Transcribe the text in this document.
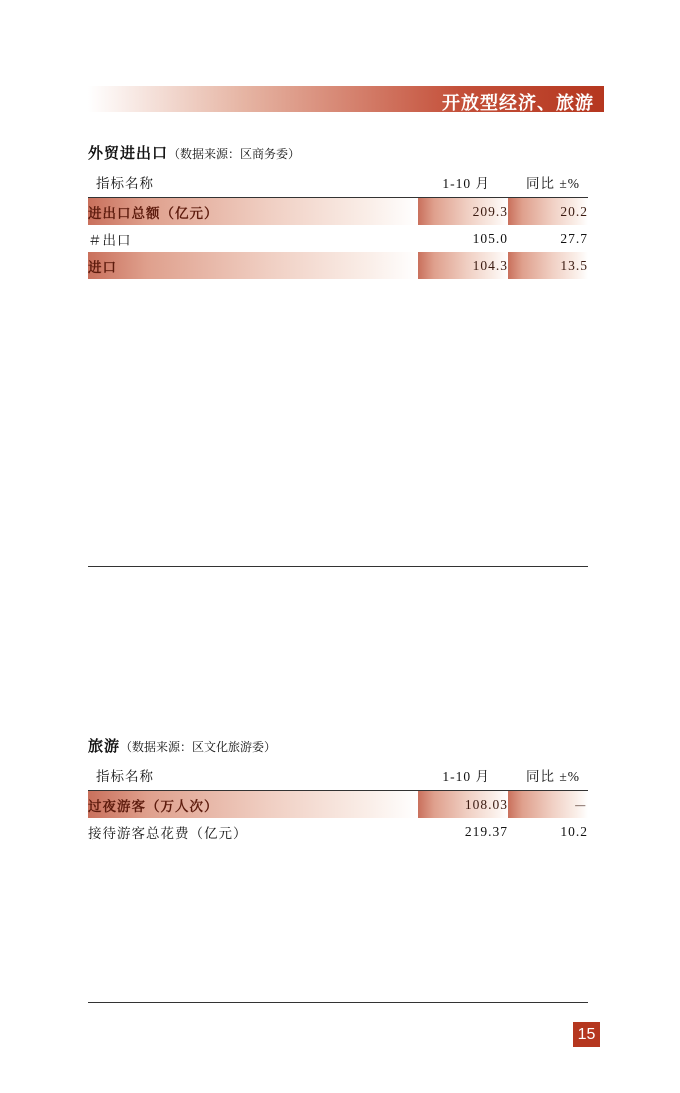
开放型经济、旅游
外贸进出口（数据来源：区商务委）
指标名称	1-10 月	同比 ±%
进出口总额（亿元）	209.3	20.2
＃出口	105.0	27.7
进口	104.3	13.5
旅游（数据来源：区文化旅游委）
指标名称	1-10 月	同比 ±%
过夜游客（万人次）	108.03	－
接待游客总花费（亿元）	219.37	10.2
15
